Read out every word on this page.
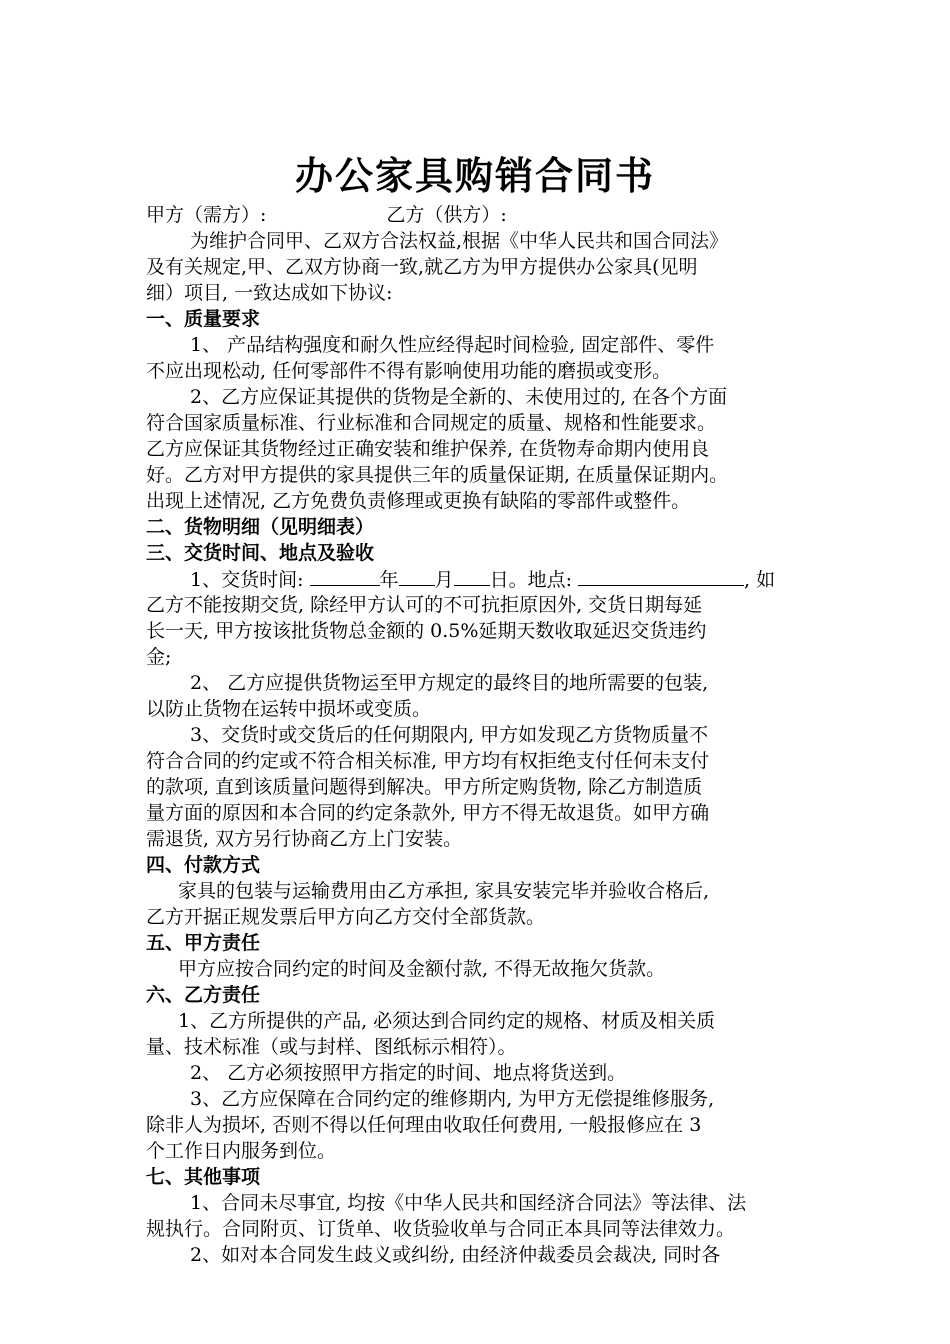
办公家具购销合同书
甲方（需方）:	乙方（供方）:
为维护合同甲、乙双方合法权益,根据《中华人民共和国合同法》
及有关规定,甲、乙双方协商一致,就乙方为甲方提供办公家具(见明
细）项目, 一致达成如下协议:
一、质量要求
1、 产品结构强度和耐久性应经得起时间检验, 固定部件、零件
不应出现松动, 任何零部件不得有影响使用功能的磨损或变形。
2、乙方应保证其提供的货物是全新的、未使用过的, 在各个方面
符合国家质量标准、行业标准和合同规定的质量、规格和性能要求。
乙方应保证其货物经过正确安装和维护保养, 在货物寿命期内使用良
好。乙方对甲方提供的家具提供三年的质量保证期, 在质量保证期内。
出现上述情况, 乙方免费负责修理或更换有缺陷的零部件或整件。
二、货物明细（见明细表）
三、交货时间、地点及验收
1、交货时间:	年 月 日。地点:	, 如
乙方不能按期交货, 除经甲方认可的不可抗拒原因外, 交货日期每延
长一天, 甲方按该批货物总金额的 0.5%延期天数收取延迟交货违约
金;
2、 乙方应提供货物运至甲方规定的最终目的地所需要的包装,
以防止货物在运转中损坏或变质。
3、交货时或交货后的任何期限内, 甲方如发现乙方货物质量不
符合合同的约定或不符合相关标准, 甲方均有权拒绝支付任何未支付
的款项, 直到该质量问题得到解决。甲方所定购货物, 除乙方制造质
量方面的原因和本合同的约定条款外, 甲方不得无故退货。如甲方确
需退货, 双方另行协商乙方上门安装。
四、付款方式
家具的包装与运输费用由乙方承担, 家具安装完毕并验收合格后,
乙方开据正规发票后甲方向乙方交付全部货款。
五、甲方责任
甲方应按合同约定的时间及金额付款, 不得无故拖欠货款。
六、乙方责任
1、乙方所提供的产品, 必须达到合同约定的规格、材质及相关质
量、技术标准（或与封样、图纸标示相符）。
2、 乙方必须按照甲方指定的时间、地点将货送到。
3、乙方应保障在合同约定的维修期内, 为甲方无偿提维修服务,
除非人为损坏, 否则不得以任何理由收取任何费用, 一般报修应在 3
个工作日内服务到位。
七、其他事项
1、合同未尽事宜, 均按《中华人民共和国经济合同法》等法律、法
规执行。合同附页、订货单、收货验收单与合同正本具同等法律效力。
2、如对本合同发生歧义或纠纷, 由经济仲裁委员会裁决, 同时各
